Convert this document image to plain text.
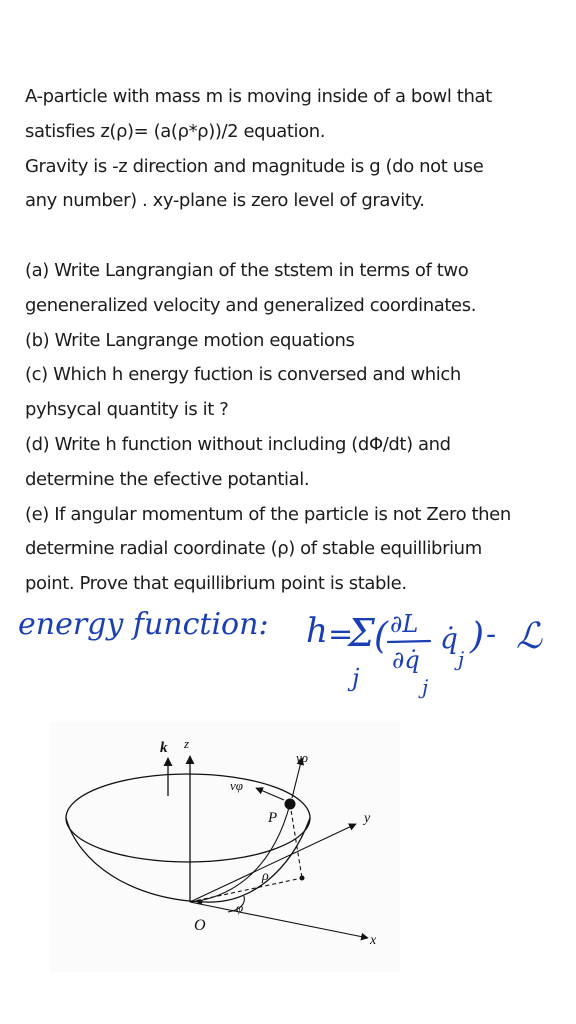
A-particle with mass m is moving inside of a bowl that
satisfies z(ρ)= (a(ρ*ρ))/2 equation.
Gravity is -z direction and magnitude is g (do not use
any number) . xy-plane is zero level of gravity.
(a) Write Langrangian of the ststem in terms of two
geneneralized velocity and generalized coordinates.
(b) Write Langrange motion equations
(c) Which h energy fuction is conversed and which
pyhsycal quantity is it ?
(d) Write h function without including (dΦ/dt) and
determine the efective potantial.
(e) If angular momentum of the particle is not Zero then
determine radial coordinate (ρ) of stable equillibrium
point. Prove that equillibrium point is stable.
energy function: h =
Σ
j
( ∂L
∂q̇
j
q̇
j
) - ℒ
k z
vρ
vφ
P	y
ρ
φ
O
x
